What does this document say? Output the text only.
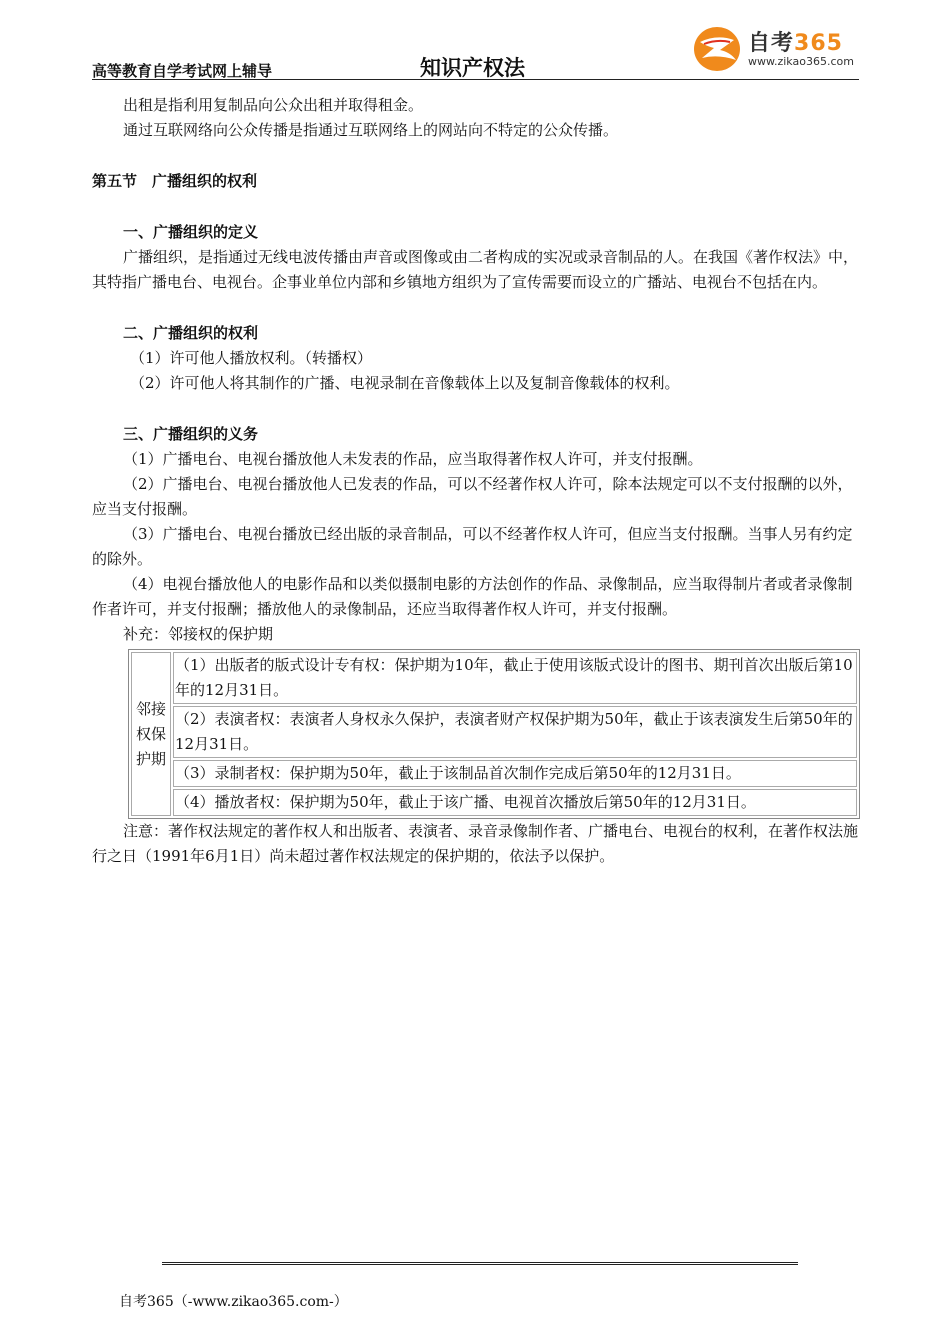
高等教育自学考试网上辅导	知识产权法
自考365
www.zikao365.com

出租是指利用复制品向公众出租并取得租金。

通过互联网络向公众传播是指通过互联网络上的网站向不特定的公众传播。

第五节　广播组织的权利

一、广播组织的定义

广播组织，是指通过无线电波传播由声音或图像或由二者构成的实况或录音制品的人。在我国《著作权法》中，其特指广播电台、电视台。企事业单位内部和乡镇地方组织为了宣传需要而设立的广播站、电视台不包括在内。

二、广播组织的权利

（1）许可他人播放权利。（转播权）

（2）许可他人将其制作的广播、电视录制在音像载体上以及复制音像载体的权利。

三、广播组织的义务

（1）广播电台、电视台播放他人未发表的作品，应当取得著作权人许可，并支付报酬。

（2）广播电台、电视台播放他人已发表的作品，可以不经著作权人许可，除本法规定可以不支付报酬的以外，应当支付报酬。

（3）广播电台、电视台播放已经出版的录音制品，可以不经著作权人许可，但应当支付报酬。当事人另有约定的除外。

（4）电视台播放他人的电影作品和以类似摄制电影的方法创作的作品、录像制品，应当取得制片者或者录像制作者许可，并支付报酬；播放他人的录像制品，还应当取得著作权人许可，并支付报酬。

补充：邻接权的保护期

邻接权保护期	（1）出版者的版式设计专有权：保护期为10年，截止于使用该版式设计的图书、期刊首次出版后第10年的12月31日。
（2）表演者权：表演者人身权永久保护，表演者财产权保护期为50年，截止于该表演发生后第50年的12月31日。
（3）录制者权：保护期为50年，截止于该制品首次制作完成后第50年的12月31日。
（4）播放者权：保护期为50年，截止于该广播、电视首次播放后第50年的12月31日。

注意：著作权法规定的著作权人和出版者、表演者、录音录像制作者、广播电台、电视台的权利，在著作权法施行之日（1991年6月1日）尚未超过著作权法规定的保护期的，依法予以保护。

自考365（-www.zikao365.com-）
